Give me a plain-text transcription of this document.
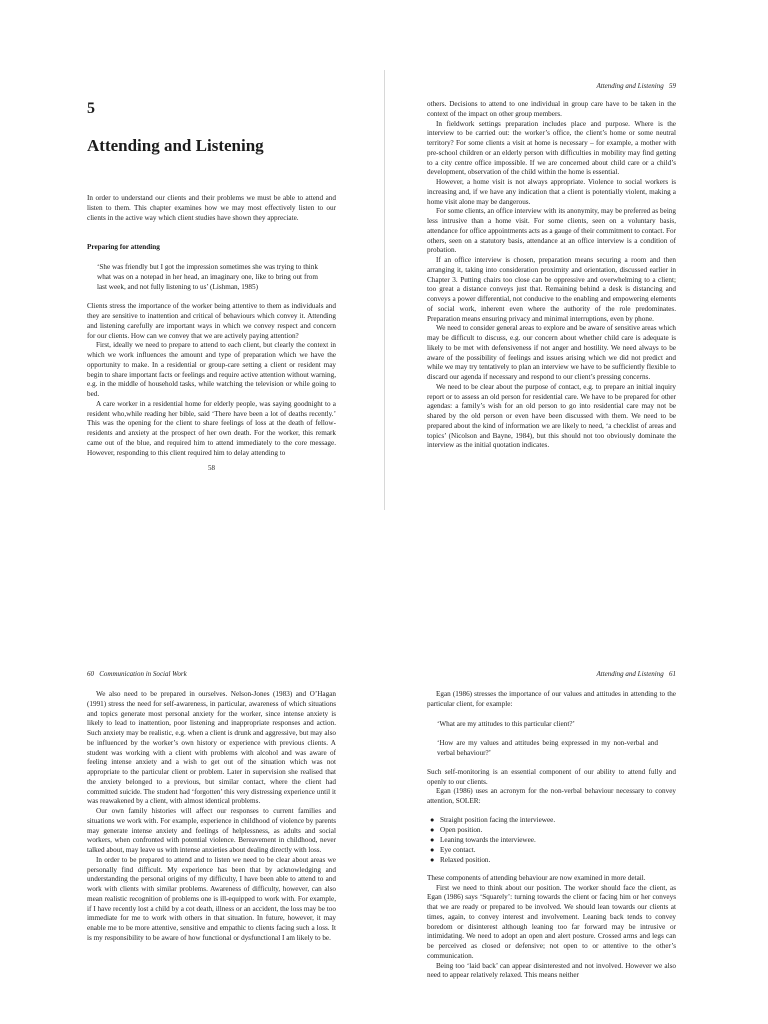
5
Attending and Listening

In order to understand our clients and their problems we must be able to attend and listen to them. This chapter examines how we may most effectively listen to our clients in the active way which client studies have shown they appreciate.

Preparing for attending

‘She was friendly but I got the impression sometimes she was trying to think what was on a notepad in her head, an imaginary one, like to bring out from last week, and not fully listening to us’ (Lishman, 1985)

Clients stress the importance of the worker being attentive to them as individuals and they are sensitive to inattention and critical of behaviours which convey it. Attending and listening carefully are important ways in which we convey respect and concern for our clients. How can we convey that we are actively paying attention?

First, ideally we need to prepare to attend to each client, but clearly the context in which we work influences the amount and type of preparation which we have the opportunity to make. In a residential or group-care setting a client or resident may begin to share important facts or feelings and require active attention without warning, e.g. in the middle of household tasks, while watching the television or while going to bed.

A care worker in a residential home for elderly people, was saying goodnight to a resident who,while reading her bible, said ‘There have been a lot of deaths recently.’ This was the opening for the client to share feelings of loss at the death of fellow-residents and anxiety at the prospect of her own death. For the worker, this remark came out of the blue, and required him to attend immediately to the core message. However, responding to this client required him to delay attending to

58
Attending and Listening 59

others. Decisions to attend to one individual in group care have to be taken in the context of the impact on other group members.

In fieldwork settings preparation includes place and purpose. Where is the interview to be carried out: the worker’s office, the client’s home or some neutral territory? For some clients a visit at home is necessary – for example, a mother with pre-school children or an elderly person with difficulties in mobility may find getting to a city centre office impossible. If we are concerned about child care or a child’s development, observation of the child within the home is essential.

However, a home visit is not always appropriate. Violence to social workers is increasing and, if we have any indication that a client is potentially violent, making a home visit alone may be dangerous.

For some clients, an office interview with its anonymity, may be preferred as being less intrusive than a home visit. For some clients, seen on a voluntary basis, attendance for office appointments acts as a gauge of their commitment to contact. For others, seen on a statutory basis, attendance at an office interview is a condition of probation.

If an office interview is chosen, preparation means securing a room and then arranging it, taking into consideration proximity and orientation, discussed earlier in Chapter 3. Putting chairs too close can be oppressive and overwhelming to a client; too great a distance conveys just that. Remaining behind a desk is distancing and conveys a power differential, not conducive to the enabling and empowering elements of social work, inherent even where the authority of the role predominates. Preparation means ensuring privacy and minimal interruptions, even by phone.

We need to consider general areas to explore and be aware of sensitive areas which may be difficult to discuss, e.g. our concern about whether child care is adequate is likely to be met with defensiveness if not anger and hostility. We need always to be aware of the possibility of feelings and issues arising which we did not predict and while we may try tentatively to plan an interview we have to be sufficiently flexible to discard our agenda if necessary and respond to our client’s pressing concerns.

We need to be clear about the purpose of contact, e.g. to prepare an initial inquiry report or to assess an old person for residential care. We have to be prepared for other agendas: a family’s wish for an old person to go into residential care may not be shared by the old person or even have been discussed with them. We need to be prepared about the kind of information we are likely to need, ‘a checklist of areas and topics’ (Nicolson and Bayne, 1984), but this should not too obviously dominate the interview as the initial quotation indicates.

60 Communication in Social Work

We also need to be prepared in ourselves. Nelson-Jones (1983) and O’Hagan (1991) stress the need for self-awareness, in particular, awareness of which situations and topics generate most personal anxiety for the worker, since intense anxiety is likely to lead to inattention, poor listening and inappropriate responses and action. Such anxiety may be realistic, e.g. when a client is drunk and aggressive, but may also be influenced by the worker’s own history or experience with previous clients. A student was working with a client with problems with alcohol and was aware of feeling intense anxiety and a wish to get out of the situation which was not appropriate to the particular client or problem. Later in supervision she realised that the anxiety belonged to a previous, but similar contact, where the client had committed suicide. The student had ‘forgotten’ this very distressing experience until it was reawakened by a client, with almost identical problems.

Our own family histories will affect our responses to current families and situations we work with. For example, experience in childhood of violence by parents may generate intense anxiety and feelings of helplessness, as adults and social workers, when confronted with potential violence. Bereavement in childhood, never talked about, may leave us with intense anxieties about dealing directly with loss.

In order to be prepared to attend and to listen we need to be clear about areas we personally find difficult. My experience has been that by acknowledging and understanding the personal origins of my difficulty, I have been able to attend to and work with clients with similar problems. Awareness of difficulty, however, can also mean realistic recognition of problems one is ill-equipped to work with. For example, if I have recently lost a child by a cot death, illness or an accident, the loss may be too immediate for me to work with others in that situation. In future, however, it may enable me to be more attentive, sensitive and empathic to clients facing such a loss. It is my responsibility to be aware of how functional or dysfunctional I am likely to be.

Attending and Listening 61

Egan (1986) stresses the importance of our values and attitudes in attending to the particular client, for example:

‘What are my attitudes to this particular client?’

‘How are my values and attitudes being expressed in my non-verbal and verbal behaviour?’

Such self-monitoring is an essential component of our ability to attend fully and openly to our clients.

Egan (1986) uses an acronym for the non-verbal behaviour necessary to convey attention, SOLER:

● Straight position facing the interviewee.
● Open position.
● Leaning towards the interviewee.
● Eye contact.
● Relaxed position.

These components of attending behaviour are now examined in more detail.

First we need to think about our position. The worker should face the client, as Egan (1986) says ‘Squarely’: turning towards the client or facing him or her conveys that we are ready or prepared to be involved. We should lean towards our clients at times, again, to convey interest and involvement. Leaning back tends to convey boredom or disinterest although leaning too far forward may be intrusive or intimidating. We need to adopt an open and alert posture. Crossed arms and legs can be perceived as closed or defensive; not open to or attentive to the other’s communication.

Being too ‘laid back’ can appear disinterested and not involved. However we also need to appear relatively relaxed. This means neither
